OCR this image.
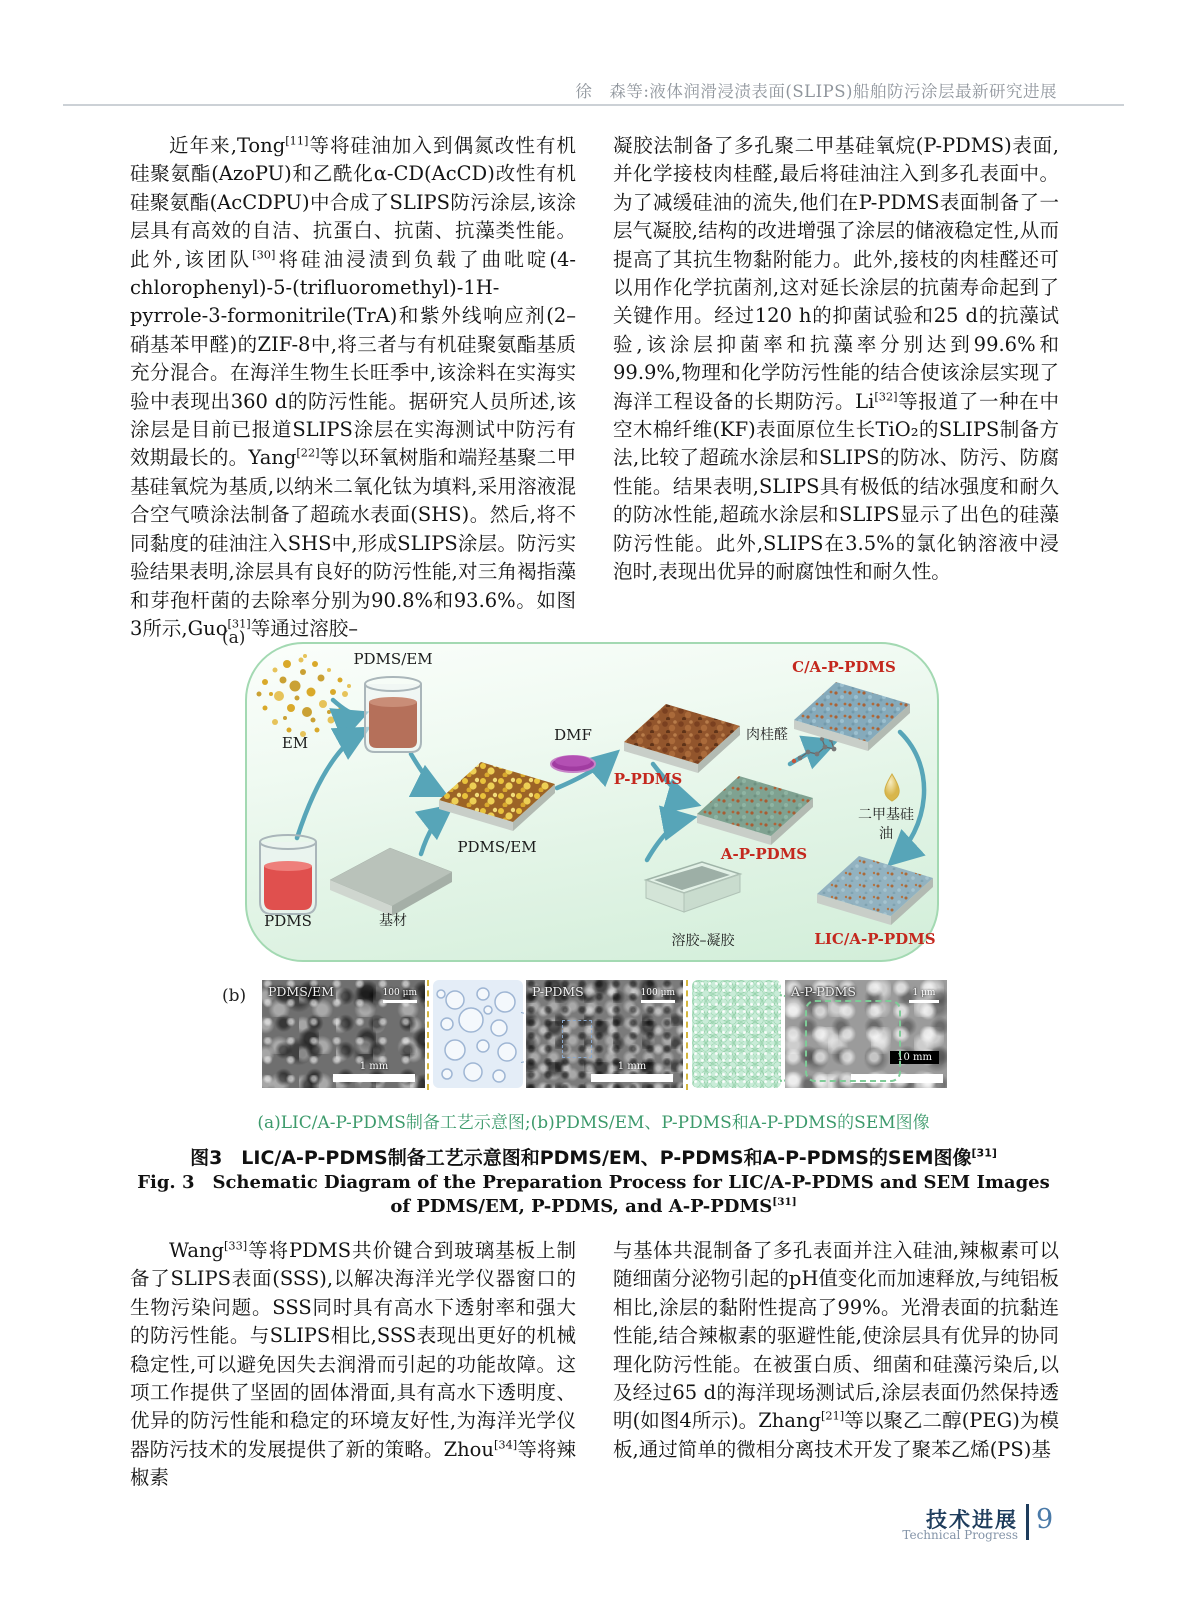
徐　森等:液体润滑浸渍表面(SLIPS)船舶防污涂层最新研究进展
近年来,Tong[11]等将硅油加入到偶氮改性有机硅聚氨酯(AzoPU)和乙酰化α-CD(AcCD)改性有机硅聚氨酯(AcCDPU)中合成了SLIPS防污涂层,该涂层具有高效的自洁、抗蛋白、抗菌、抗藻类性能。此外,该团队[30]将硅油浸渍到负载了曲吡啶(4-chlorophenyl)-5-(trifluoromethyl)-1H-pyrrole-3-formonitrile(TrA)和紫外线响应剂(2–硝基苯甲醛)的ZIF-8中,将三者与有机硅聚氨酯基质充分混合。在海洋生物生长旺季中,该涂料在实海实验中表现出360 d的防污性能。据研究人员所述,该涂层是目前已报道SLIPS涂层在实海测试中防污有效期最长的。Yang[22]等以环氧树脂和端羟基聚二甲基硅氧烷为基质,以纳米二氧化钛为填料,采用溶液混合空气喷涂法制备了超疏水表面(SHS)。然后,将不同黏度的硅油注入SHS中,形成SLIPS涂层。防污实验结果表明,涂层具有良好的防污性能,对三角褐指藻和芽孢杆菌的去除率分别为90.8%和93.6%。如图3所示,Guo[31]等通过溶胶–
凝胶法制备了多孔聚二甲基硅氧烷(P-PDMS)表面,并化学接枝肉桂醛,最后将硅油注入到多孔表面中。为了减缓硅油的流失,他们在P-PDMS表面制备了一层气凝胶,结构的改进增强了涂层的储液稳定性,从而提高了其抗生物黏附能力。此外,接枝的肉桂醛还可以用作化学抗菌剂,这对延长涂层的抗菌寿命起到了关键作用。经过120 h的抑菌试验和25 d的抗藻试验,该涂层抑菌率和抗藻率分别达到99.6%和99.9%,物理和化学防污性能的结合使该涂层实现了海洋工程设备的长期防污。Li[32]等报道了一种在中空木棉纤维(KF)表面原位生长TiO₂的SLIPS制备方法,比较了超疏水涂层和SLIPS的防冰、防污、防腐性能。结果表明,SLIPS具有极低的结冰强度和耐久的防冰性能,超疏水涂层和SLIPS显示了出色的硅藻防污性能。此外,SLIPS在3.5%的氯化钠溶液中浸泡时,表现出优异的耐腐蚀性和耐久性。
(a)
PDMS/EM
EM
PDMS	基材
PDMS/EM
DMF
P-PDMS
溶胶–凝胶
A-P-PDMS
肉桂醛
C/A-P-PDMS
二甲基硅油
LIC/A-P-PDMS
(b) PDMS/EM	100 μm
1 mm
P-PDMS	100 μm
1 mm
A-P-PDMS	1 μm
10 mm
(a)LIC/A-P-PDMS制备工艺示意图;(b)PDMS/EM、P-PDMS和A-P-PDMS的SEM图像
图3　LIC/A-P-PDMS制备工艺示意图和PDMS/EM、P-PDMS和A-P-PDMS的SEM图像[31]
Fig. 3　Schematic Diagram of the Preparation Process for LIC/A-P-PDMS and SEM Images of PDMS/EM, P-PDMS, and A-P-PDMS[31]
Wang[33]等将PDMS共价键合到玻璃基板上制备了SLIPS表面(SSS),以解决海洋光学仪器窗口的生物污染问题。SSS同时具有高水下透射率和强大的防污性能。与SLIPS相比,SSS表现出更好的机械稳定性,可以避免因失去润滑而引起的功能故障。这项工作提供了坚固的固体滑面,具有高水下透明度、优异的防污性能和稳定的环境友好性,为海洋光学仪器防污技术的发展提供了新的策略。Zhou[34]等将辣椒素
与基体共混制备了多孔表面并注入硅油,辣椒素可以随细菌分泌物引起的pH值变化而加速释放,与纯铝板相比,涂层的黏附性提高了99%。光滑表面的抗黏连性能,结合辣椒素的驱避性能,使涂层具有优异的协同理化防污性能。在被蛋白质、细菌和硅藻污染后,以及经过65 d的海洋现场测试后,涂层表面仍然保持透明(如图4所示)。Zhang[21]等以聚乙二醇(PEG)为模板,通过简单的微相分离技术开发了聚苯乙烯(PS)基
技术进展
Technical Progress 9
